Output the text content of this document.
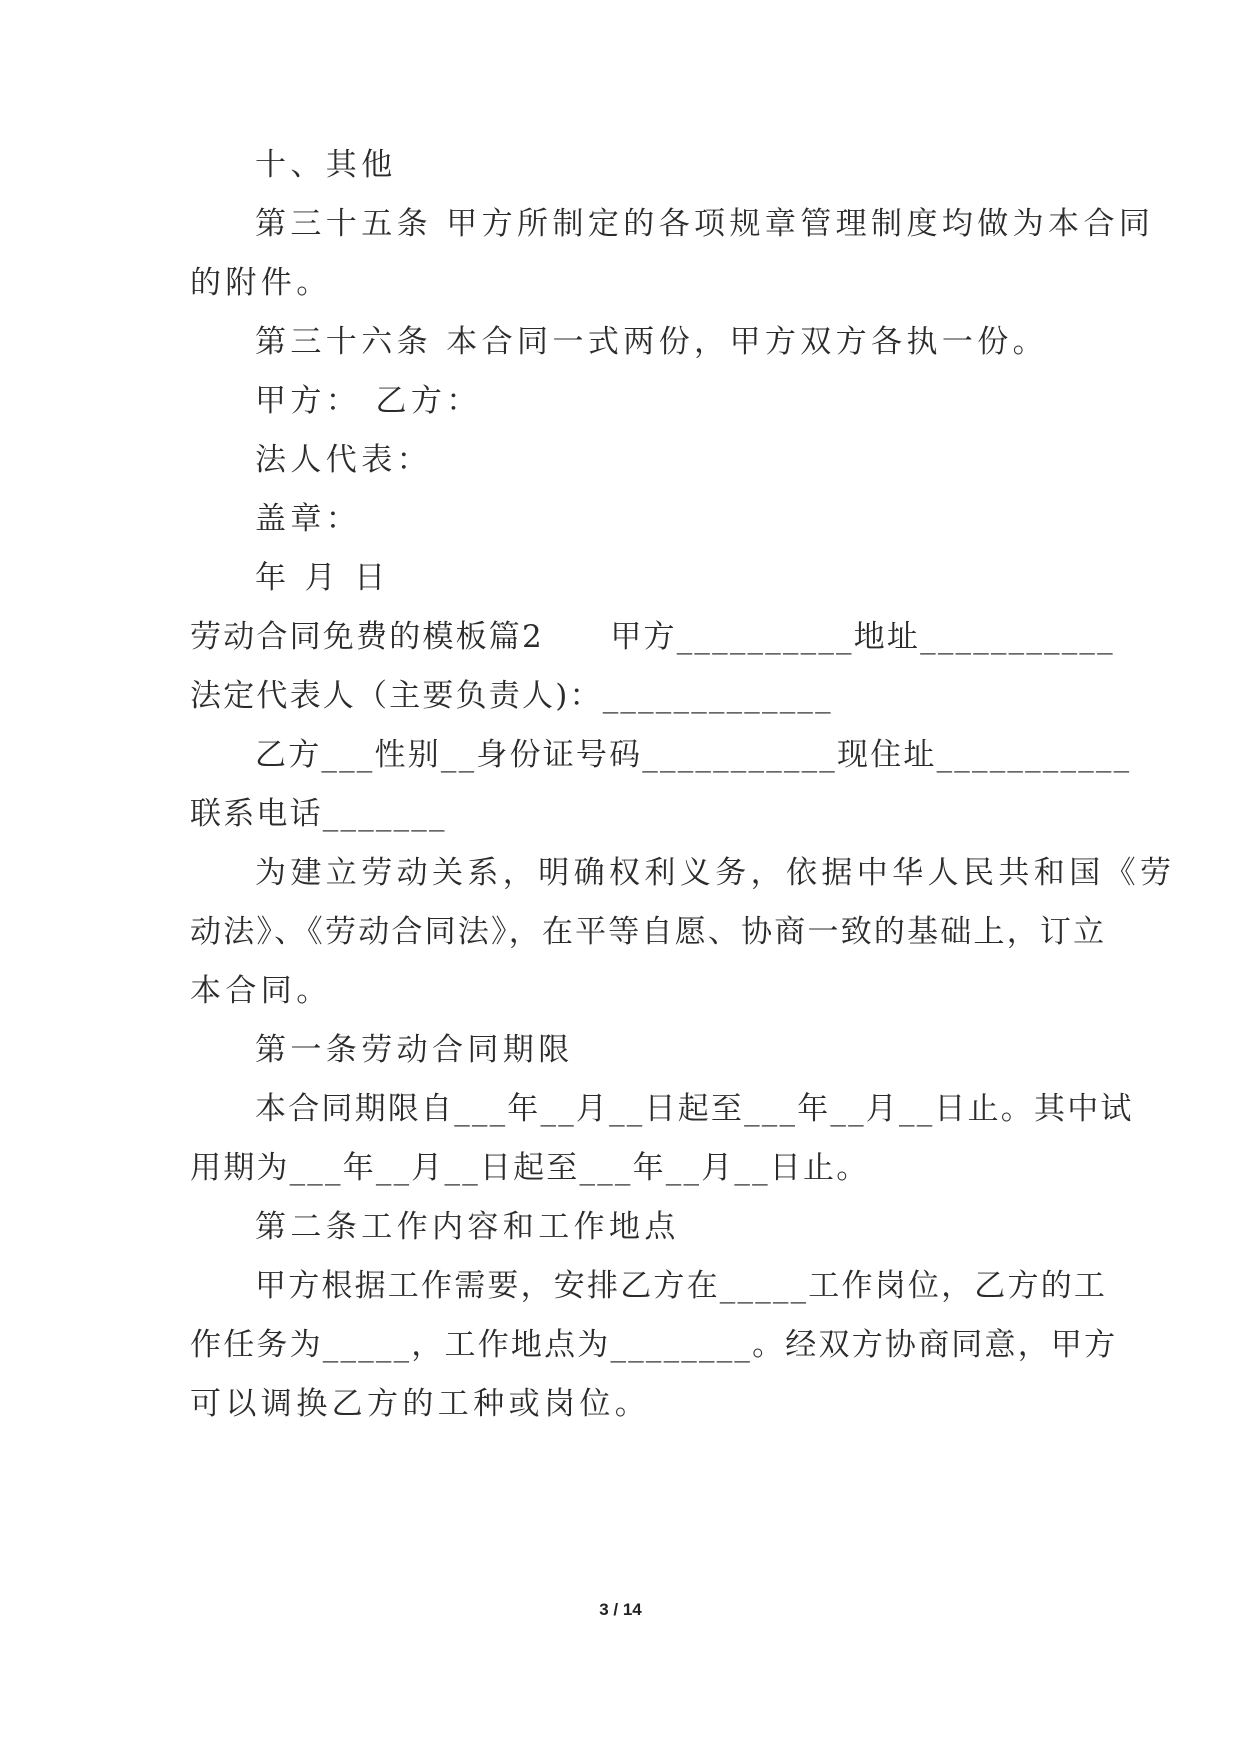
十、其他
第三十五条 甲方所制定的各项规章管理制度均做为本合同
的附件。
第三十六条 本合同一式两份，甲方双方各执一份。
甲方： 乙方：
法人代表：
盖章：
年 月 日
劳动合同免费的模板篇2　　甲方__________地址___________
法定代表人（主要负责人)：_____________
乙方___性别__身份证号码___________现住址___________
联系电话_______
为建立劳动关系，明确权利义务，依据中华人民共和国《劳
动法》、《劳动合同法》，在平等自愿、协商一致的基础上，订立
本合同。
第一条劳动合同期限
本合同期限自___年__月__日起至___年__月__日止。其中试
用期为___年__月__日起至___年__月__日止。
第二条工作内容和工作地点
甲方根据工作需要，安排乙方在_____工作岗位，乙方的工
作任务为_____，工作地点为________。经双方协商同意，甲方
可以调换乙方的工种或岗位。
3 / 14
